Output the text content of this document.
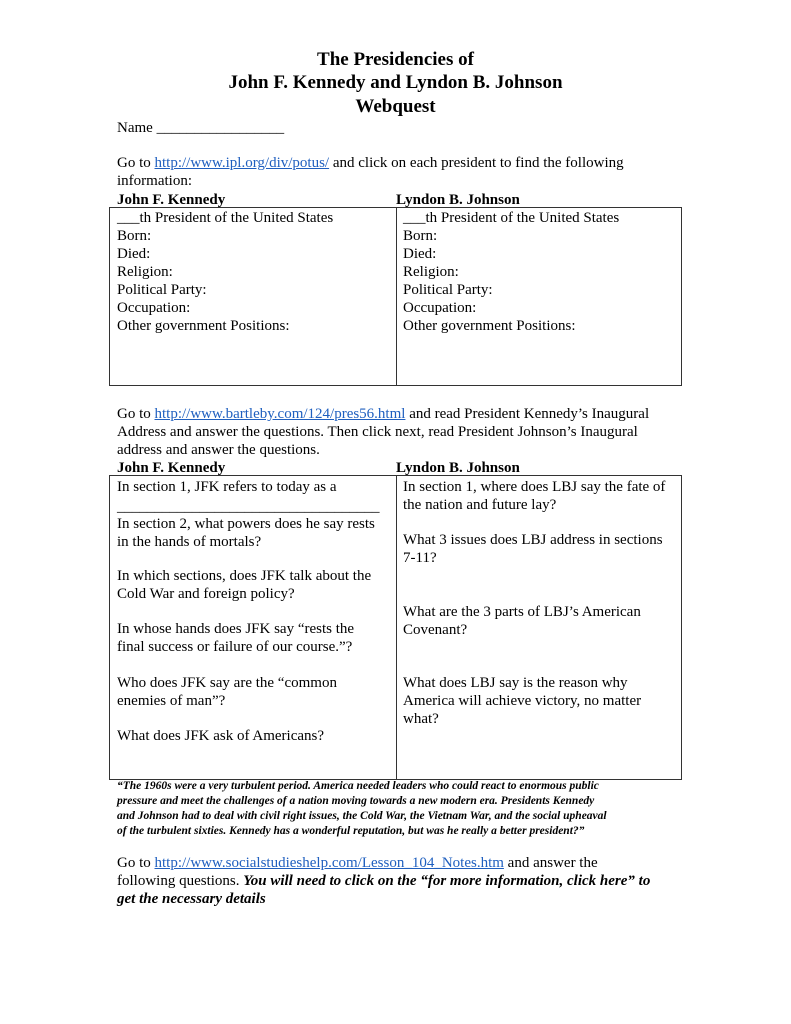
The Presidencies of
John F. Kennedy and Lyndon B. Johnson
Webquest
Name _________________
Go to http://www.ipl.org/div/potus/ and click on each president to find the following
information:
John F. Kennedy	Lyndon B. Johnson
___th President of the United States
Born:
Died:
Religion:
Political Party:
Occupation:
Other government Positions:
___th President of the United States
Born:
Died:
Religion:
Political Party:
Occupation:
Other government Positions:
Go to http://www.bartleby.com/124/pres56.html and read President Kennedy’s Inaugural
Address and answer the questions. Then click next, read President Johnson’s Inaugural
address and answer the questions.
John F. Kennedy	Lyndon B. Johnson
In section 1, JFK refers to today as a
___________________________________
In section 2, what powers does he say rests
in the hands of mortals?
In which sections, does JFK talk about the
Cold War and foreign policy?
In whose hands does JFK say “rests the
final success or failure of our course.”?
Who does JFK say are the “common
enemies of man”?
What does JFK ask of Americans?
In section 1, where does LBJ say the fate of
the nation and future lay?
What 3 issues does LBJ address in sections
7-11?
What are the 3 parts of LBJ’s American
Covenant?
What does LBJ say is the reason why
America will achieve victory, no matter
what?
“The 1960s were a very turbulent period. America needed leaders who could react to enormous public
pressure and meet the challenges of a nation moving towards a new modern era. Presidents Kennedy
and Johnson had to deal with civil right issues, the Cold War, the Vietnam War, and the social upheaval
of the turbulent sixties. Kennedy has a wonderful reputation, but was he really a better president?”
Go to http://www.socialstudieshelp.com/Lesson_104_Notes.htm and answer the
following questions. You will need to click on the “for more information, click here” to
get the necessary details
